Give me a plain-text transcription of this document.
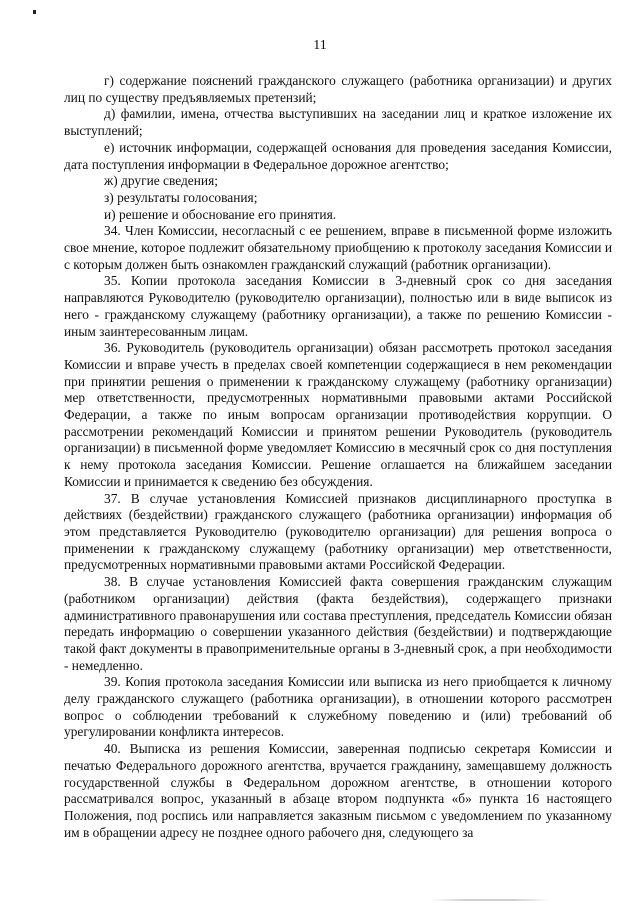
11

г) содержание пояснений гражданского служащего (работника организации) и других лиц по существу предъявляемых претензий;

д) фамилии, имена, отчества выступивших на заседании лиц и краткое изложение их выступлений;

е) источник информации, содержащей основания для проведения заседания Комиссии, дата поступления информации в Федеральное дорожное агентство;

ж) другие сведения;

з) результаты голосования;

и) решение и обоснование его принятия.

34. Член Комиссии, несогласный с ее решением, вправе в письменной форме изложить свое мнение, которое подлежит обязательному приобщению к протоколу заседания Комиссии и с которым должен быть ознакомлен гражданский служащий (работник организации).

35. Копии протокола заседания Комиссии в 3-дневный срок со дня заседания направляются Руководителю (руководителю организации), полностью или в виде выписок из него - гражданскому служащему (работнику организации), а также по решению Комиссии - иным заинтересованным лицам.

36. Руководитель (руководитель организации) обязан рассмотреть протокол заседания Комиссии и вправе учесть в пределах своей компетенции содержащиеся в нем рекомендации при принятии решения о применении к гражданскому служащему (работнику организации) мер ответственности, предусмотренных нормативными правовыми актами Российской Федерации, а также по иным вопросам организации противодействия коррупции. О рассмотрении рекомендаций Комиссии и принятом решении Руководитель (руководитель организации) в письменной форме уведомляет Комиссию в месячный срок со дня поступления к нему протокола заседания Комиссии. Решение оглашается на ближайшем заседании Комиссии и принимается к сведению без обсуждения.

37. В случае установления Комиссией признаков дисциплинарного проступка в действиях (бездействии) гражданского служащего (работника организации) информация об этом представляется Руководителю (руководителю организации) для решения вопроса о применении к гражданскому служащему (работнику организации) мер ответственности, предусмотренных нормативными правовыми актами Российской Федерации.

38. В случае установления Комиссией факта совершения гражданским служащим (работником организации) действия (факта бездействия), содержащего признаки административного правонарушения или состава преступления, председатель Комиссии обязан передать информацию о совершении указанного действия (бездействии) и подтверждающие такой факт документы в правоприменительные органы в 3-дневный срок, а при необходимости - немедленно.

39. Копия протокола заседания Комиссии или выписка из него приобщается к личному делу гражданского служащего (работника организации), в отношении которого рассмотрен вопрос о соблюдении требований к служебному поведению и (или) требований об урегулировании конфликта интересов.

40. Выписка из решения Комиссии, заверенная подписью секретаря Комиссии и печатью Федерального дорожного агентства, вручается гражданину, замещавшему должность государственной службы в Федеральном дорожном агентстве, в отношении которого рассматривался вопрос, указанный в абзаце втором подпункта «б» пункта 16 настоящего Положения, под роспись или направляется заказным письмом с уведомлением по указанному им в обращении адресу не позднее одного рабочего дня, следующего за
